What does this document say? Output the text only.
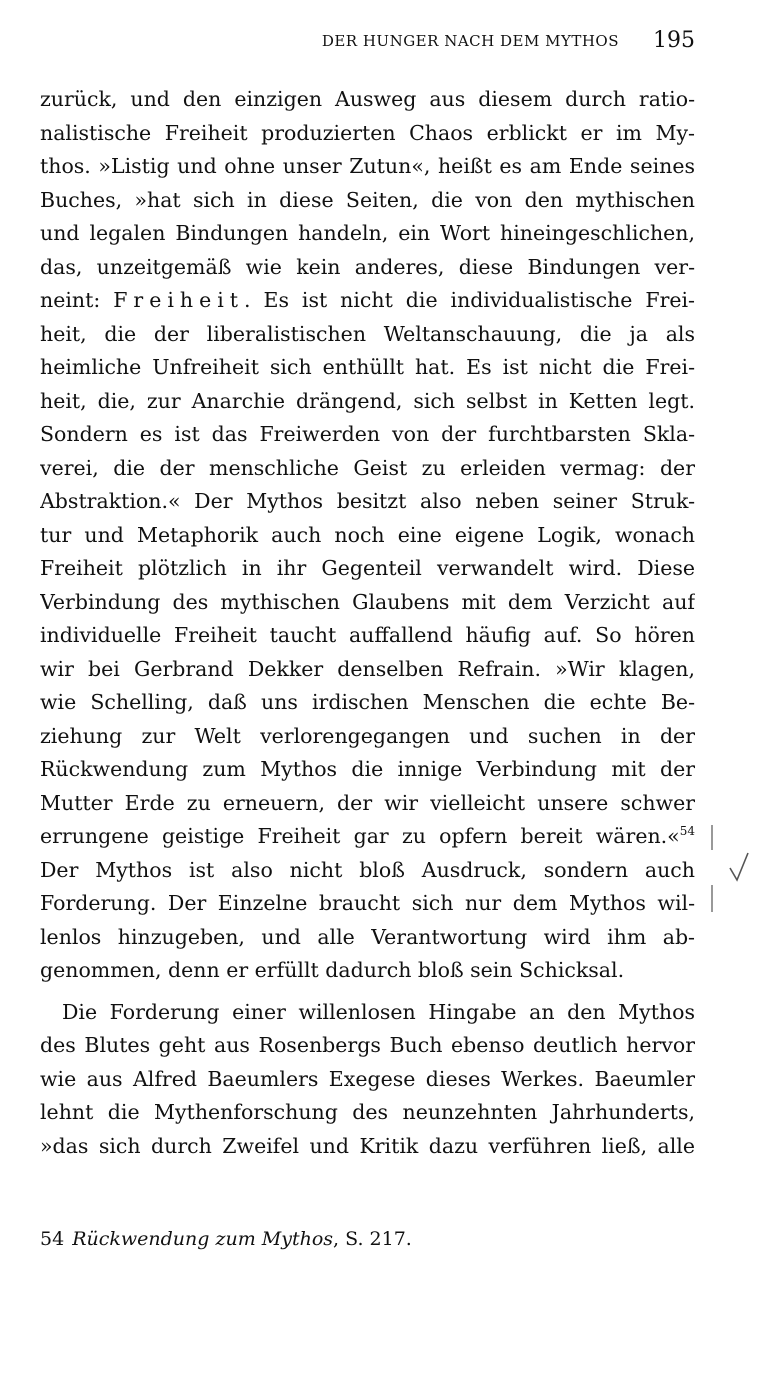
DER HUNGER NACH DEM MYTHOS 195
zurück, und den einzigen Ausweg aus diesem durch ratio-
nalistische Freiheit produzierten Chaos erblickt er im My-
thos. »Listig und ohne unser Zutun«, heißt es am Ende seines
Buches, »hat sich in diese Seiten, die von den mythischen
und legalen Bindungen handeln, ein Wort hineingeschlichen,
das, unzeitgemäß wie kein anderes, diese Bindungen ver-
neint: Freiheit. Es ist nicht die individualistische Frei-
heit, die der liberalistischen Weltanschauung, die ja als
heimliche Unfreiheit sich enthüllt hat. Es ist nicht die Frei-
heit, die, zur Anarchie drängend, sich selbst in Ketten legt.
Sondern es ist das Freiwerden von der furchtbarsten Skla-
verei, die der menschliche Geist zu erleiden vermag: der
Abstraktion.« Der Mythos besitzt also neben seiner Struk-
tur und Metaphorik auch noch eine eigene Logik, wonach
Freiheit plötzlich in ihr Gegenteil verwandelt wird. Diese
Verbindung des mythischen Glaubens mit dem Verzicht auf
individuelle Freiheit taucht auffallend häufig auf. So hören
wir bei Gerbrand Dekker denselben Refrain. »Wir klagen,
wie Schelling, daß uns irdischen Menschen die echte Be-
ziehung zur Welt verlorengegangen und suchen in der
Rückwendung zum Mythos die innige Verbindung mit der
Mutter Erde zu erneuern, der wir vielleicht unsere schwer
errungene geistige Freiheit gar zu opfern bereit wären.«$^{54}$
Der Mythos ist also nicht bloß Ausdruck, sondern auch
Forderung. Der Einzelne braucht sich nur dem Mythos wil-
lenlos hinzugeben, und alle Verantwortung wird ihm ab-
genommen, denn er erfüllt dadurch bloß sein Schicksal.
Die Forderung einer willenlosen Hingabe an den Mythos
des Blutes geht aus Rosenbergs Buch ebenso deutlich hervor
wie aus Alfred Baeumlers Exegese dieses Werkes. Baeumler
lehnt die Mythenforschung des neunzehnten Jahrhunderts,
»das sich durch Zweifel und Kritik dazu verführen ließ, alle
54 Rückwendung zum Mythos, S. 217.
